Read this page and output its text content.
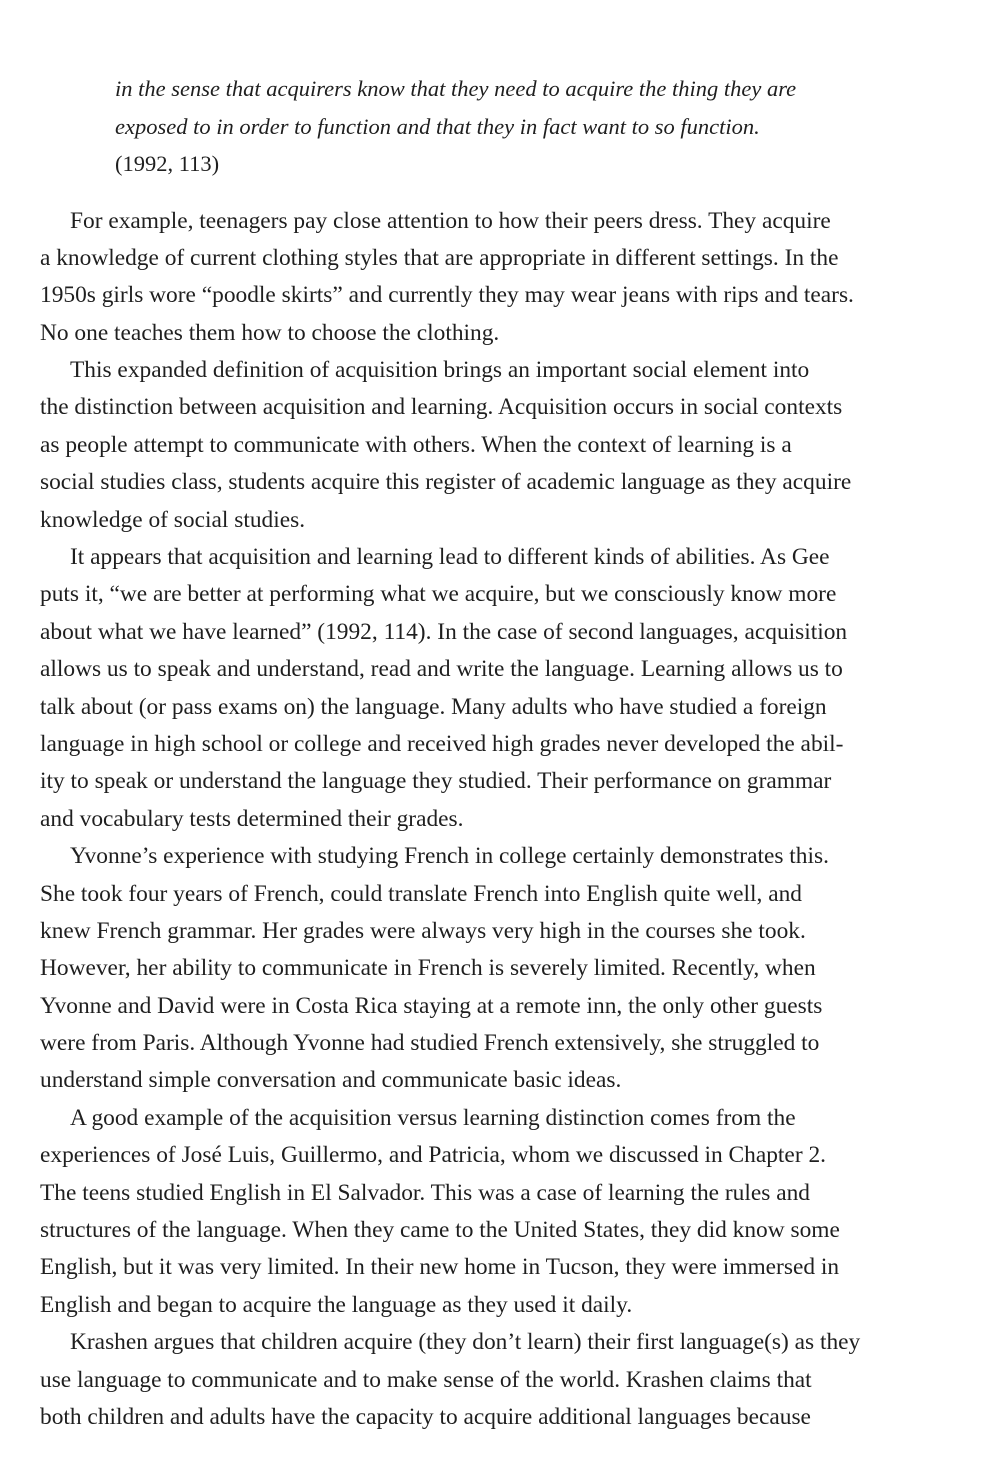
in the sense that acquirers know that they need to acquire the thing they are
exposed to in order to function and that they in fact want to so function.
(1992, 113)
For example, teenagers pay close attention to how their peers dress. They acquire
a knowledge of current clothing styles that are appropriate in different settings. In the
1950s girls wore “poodle skirts” and currently they may wear jeans with rips and tears.
No one teaches them how to choose the clothing.
This expanded definition of acquisition brings an important social element into
the distinction between acquisition and learning. Acquisition occurs in social contexts
as people attempt to communicate with others. When the context of learning is a
social studies class, students acquire this register of academic language as they acquire
knowledge of social studies.
It appears that acquisition and learning lead to different kinds of abilities. As Gee
puts it, “we are better at performing what we acquire, but we consciously know more
about what we have learned” (1992, 114). In the case of second languages, acquisition
allows us to speak and understand, read and write the language. Learning allows us to
talk about (or pass exams on) the language. Many adults who have studied a foreign
language in high school or college and received high grades never developed the abil-
ity to speak or understand the language they studied. Their performance on grammar
and vocabulary tests determined their grades.
Yvonne’s experience with studying French in college certainly demonstrates this.
She took four years of French, could translate French into English quite well, and
knew French grammar. Her grades were always very high in the courses she took.
However, her ability to communicate in French is severely limited. Recently, when
Yvonne and David were in Costa Rica staying at a remote inn, the only other guests
were from Paris. Although Yvonne had studied French extensively, she struggled to
understand simple conversation and communicate basic ideas.
A good example of the acquisition versus learning distinction comes from the
experiences of José Luis, Guillermo, and Patricia, whom we discussed in Chapter 2.
The teens studied English in El Salvador. This was a case of learning the rules and
structures of the language. When they came to the United States, they did know some
English, but it was very limited. In their new home in Tucson, they were immersed in
English and began to acquire the language as they used it daily.
Krashen argues that children acquire (they don’t learn) their first language(s) as they
use language to communicate and to make sense of the world. Krashen claims that
both children and adults have the capacity to acquire additional languages because
